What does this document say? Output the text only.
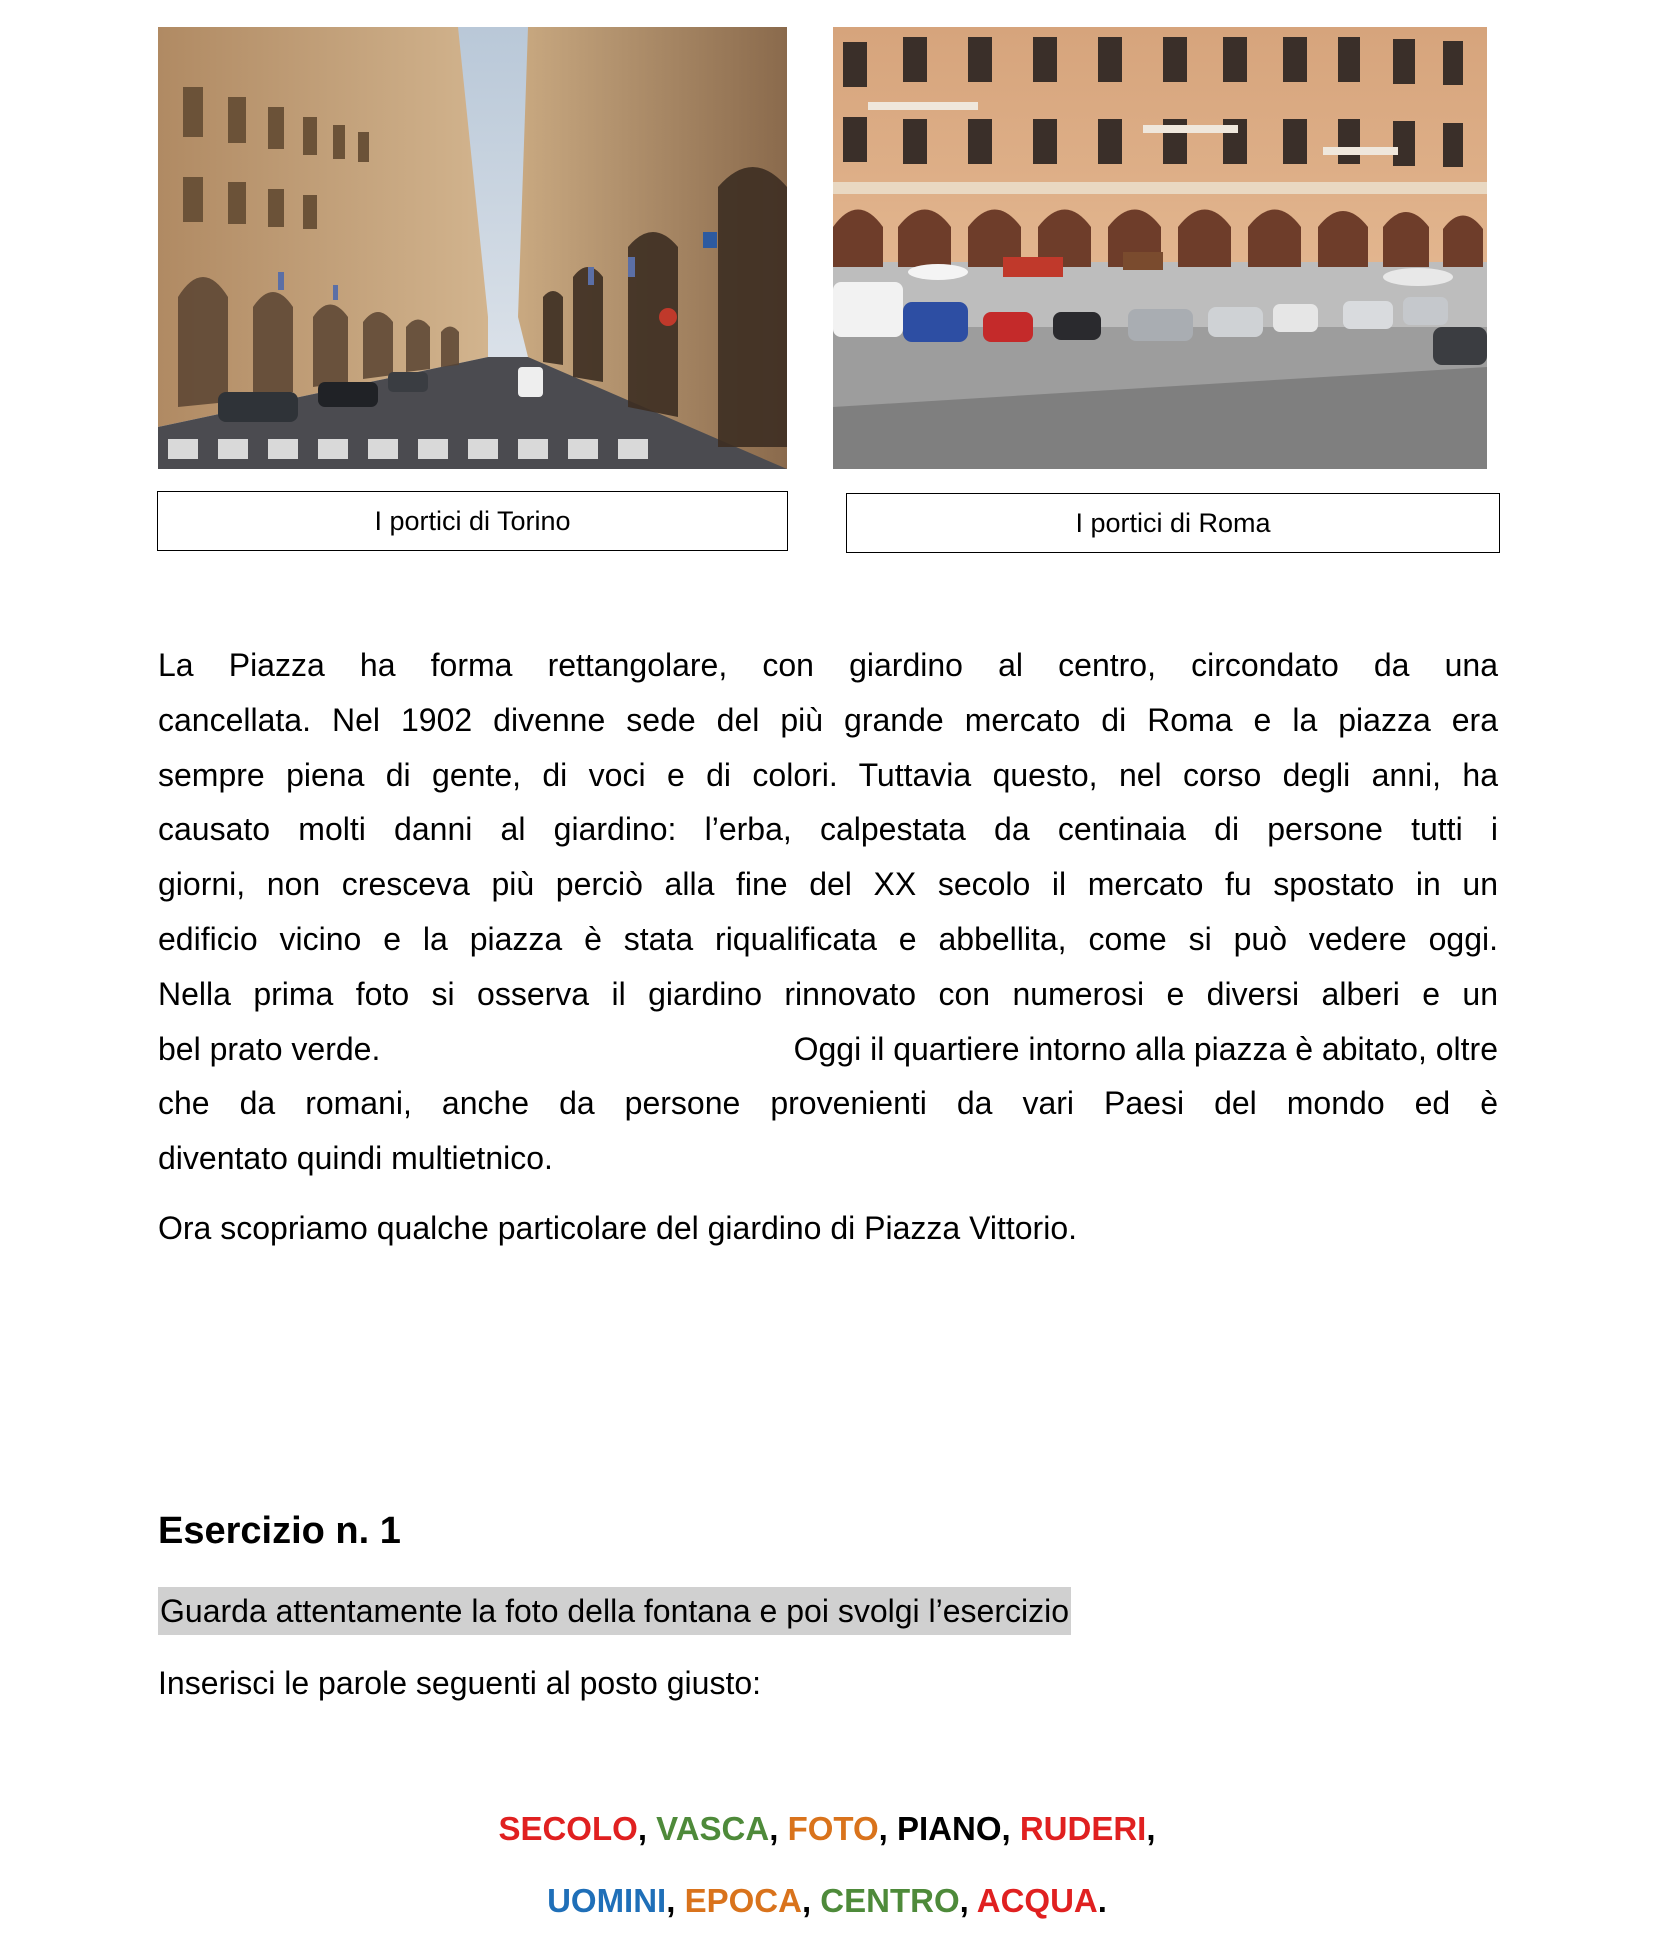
I portici di Torino	I portici di Roma
La Piazza ha forma rettangolare, con giardino al centro, circondato da una
cancellata. Nel 1902 divenne sede del più grande mercato di Roma e la piazza era
sempre piena di gente, di voci e di colori. Tuttavia questo, nel corso degli anni, ha
causato molti danni al giardino: l’erba, calpestata da centinaia di persone tutti i
giorni, non cresceva più perciò alla fine del XX secolo il mercato fu spostato in un
edificio vicino e la piazza è stata riqualificata e abbellita, come si può vedere oggi.
Nella prima foto si osserva il giardino rinnovato con numerosi e diversi alberi e un
bel prato verde.	Oggi il quartiere intorno alla piazza è abitato, oltre
che da romani, anche da persone provenienti da vari Paesi del mondo ed è
diventato quindi multietnico.
Ora scopriamo qualche particolare del giardino di Piazza Vittorio.
Esercizio n. 1
Guarda attentamente la foto della fontana e poi svolgi l’esercizio
Inserisci le parole seguenti al posto giusto:
SECOLO, VASCA, FOTO, PIANO, RUDERI,
UOMINI, EPOCA, CENTRO, ACQUA.
